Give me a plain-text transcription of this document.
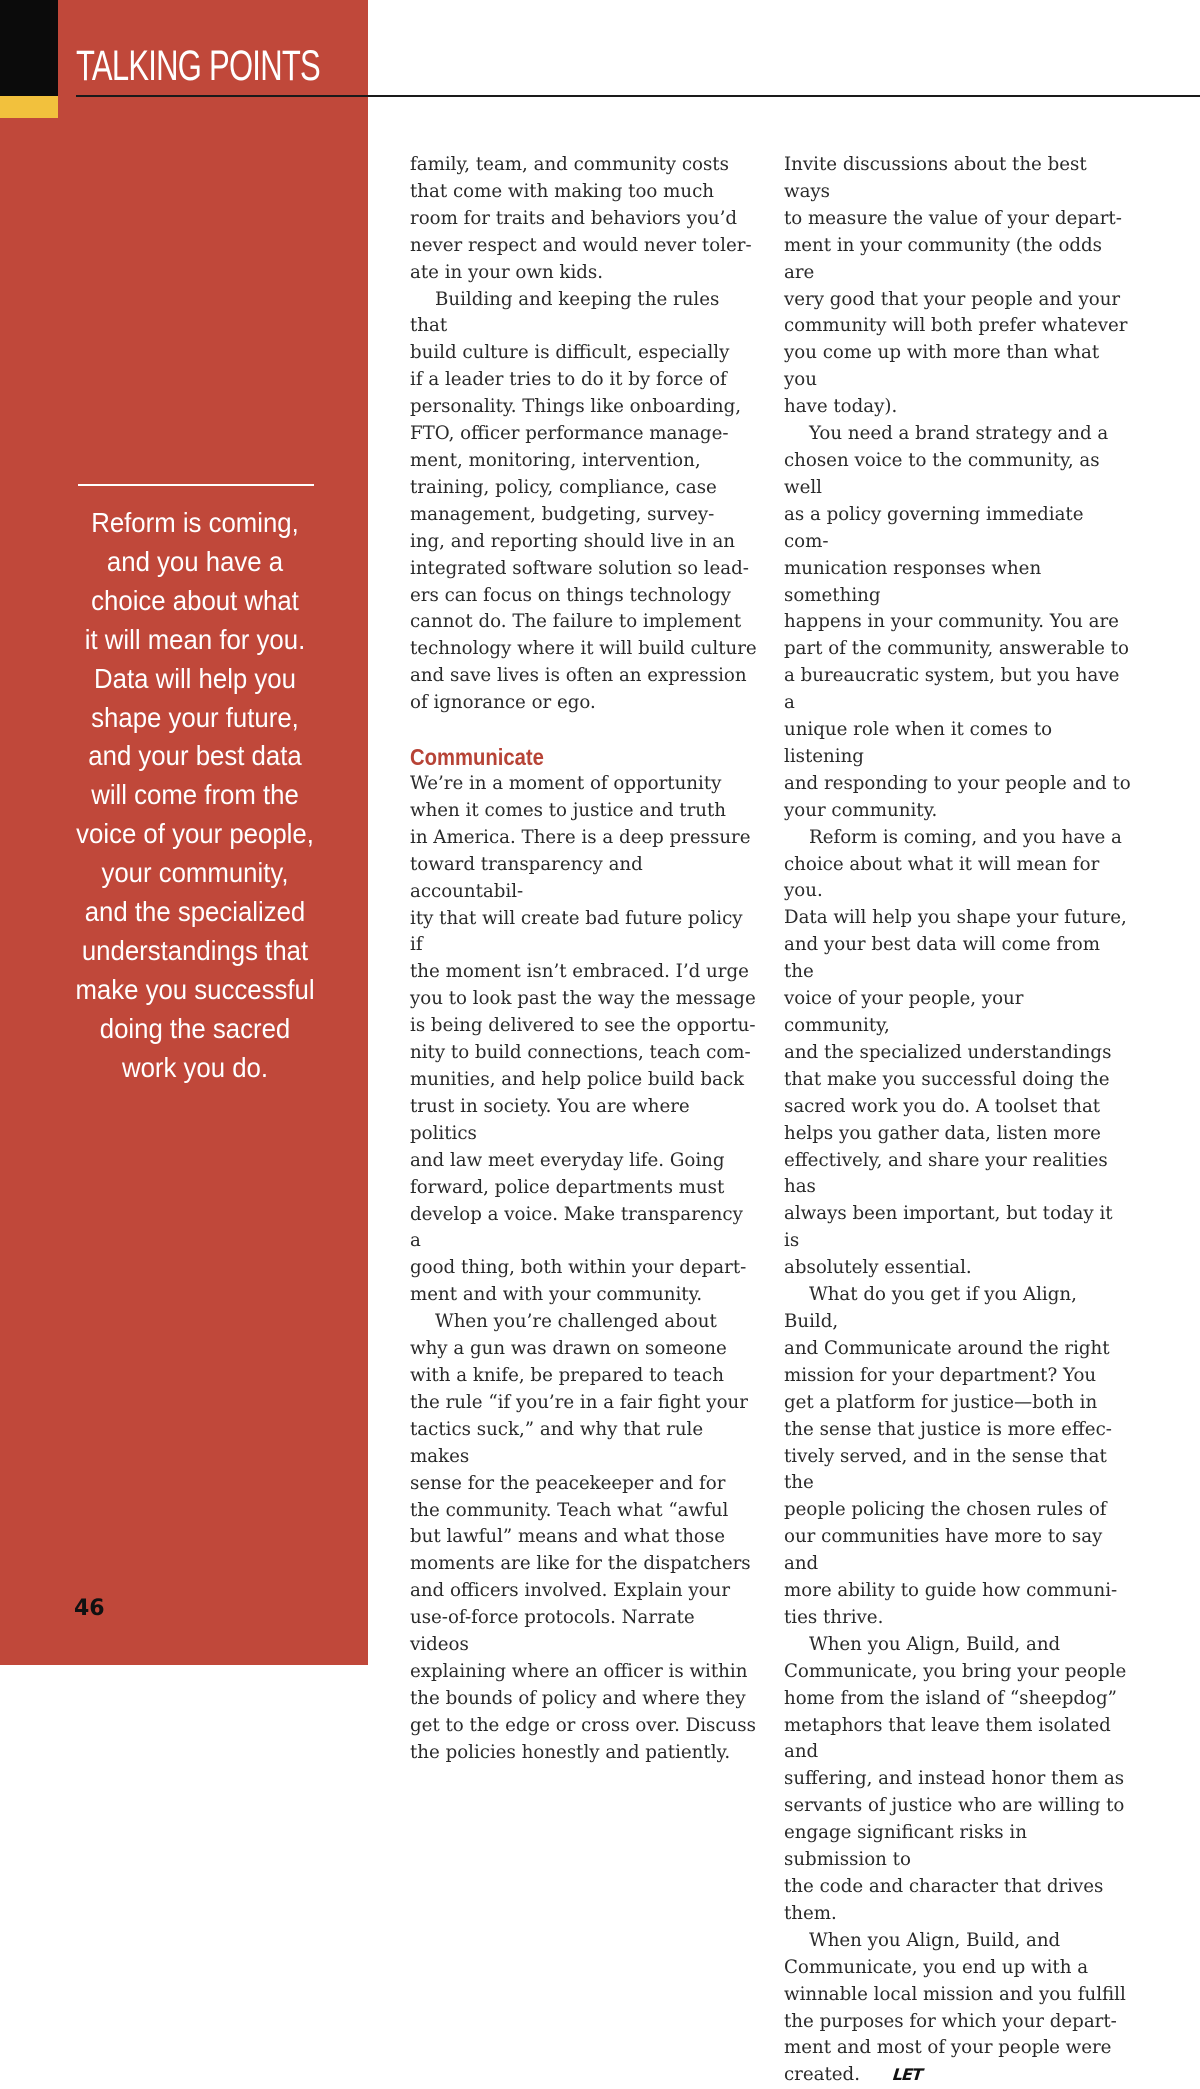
TALKING POINTS

Reform is coming,
and you have a
choice about what
it will mean for you.
Data will help you
shape your future,
and your best data
will come from the
voice of your people,
your community,
and the specialized
understandings that
make you successful
doing the sacred
work you do.

46

family, team, and community costs
that come with making too much
room for traits and behaviors you’d
never respect and would never toler-
ate in your own kids.

Building and keeping the rules that
build culture is difficult, especially
if a leader tries to do it by force of
personality. Things like onboarding,
FTO, officer performance manage-
ment, monitoring, intervention,
training, policy, compliance, case
management, budgeting, survey-
ing, and reporting should live in an
integrated software solution so lead-
ers can focus on things technology
cannot do. The failure to implement
technology where it will build culture
and save lives is often an expression
of ignorance or ego.

Communicate

We’re in a moment of opportunity
when it comes to justice and truth
in America. There is a deep pressure
toward transparency and accountabil-
ity that will create bad future policy if
the moment isn’t embraced. I’d urge
you to look past the way the message
is being delivered to see the opportu-
nity to build connections, teach com-
munities, and help police build back
trust in society. You are where politics
and law meet everyday life. Going
forward, police departments must
develop a voice. Make transparency a
good thing, both within your depart-
ment and with your community.

When you’re challenged about
why a gun was drawn on someone
with a knife, be prepared to teach
the rule “if you’re in a fair fight your
tactics suck,” and why that rule makes
sense for the peacekeeper and for
the community. Teach what “awful
but lawful” means and what those
moments are like for the dispatchers
and officers involved. Explain your
use-of-force protocols. Narrate videos
explaining where an officer is within
the bounds of policy and where they
get to the edge or cross over. Discuss
the policies honestly and patiently.

Invite discussions about the best ways
to measure the value of your depart-
ment in your community (the odds are
very good that your people and your
community will both prefer whatever
you come up with more than what you
have today).

You need a brand strategy and a
chosen voice to the community, as well
as a policy governing immediate com-
munication responses when something
happens in your community. You are
part of the community, answerable to
a bureaucratic system, but you have a
unique role when it comes to listening
and responding to your people and to
your community.

Reform is coming, and you have a
choice about what it will mean for you.
Data will help you shape your future,
and your best data will come from the
voice of your people, your community,
and the specialized understandings
that make you successful doing the
sacred work you do. A toolset that
helps you gather data, listen more
effectively, and share your realities has
always been important, but today it is
absolutely essential.

What do you get if you Align, Build,
and Communicate around the right
mission for your department? You
get a platform for justice—both in
the sense that justice is more effec-
tively served, and in the sense that the
people policing the chosen rules of
our communities have more to say and
more ability to guide how communi-
ties thrive.

When you Align, Build, and
Communicate, you bring your people
home from the island of “sheepdog”
metaphors that leave them isolated and
suffering, and instead honor them as
servants of justice who are willing to
engage significant risks in submission to
the code and character that drives them.

When you Align, Build, and
Communicate, you end up with a
winnable local mission and you fulfill
the purposes for which your depart-
ment and most of your people were
created. LET
